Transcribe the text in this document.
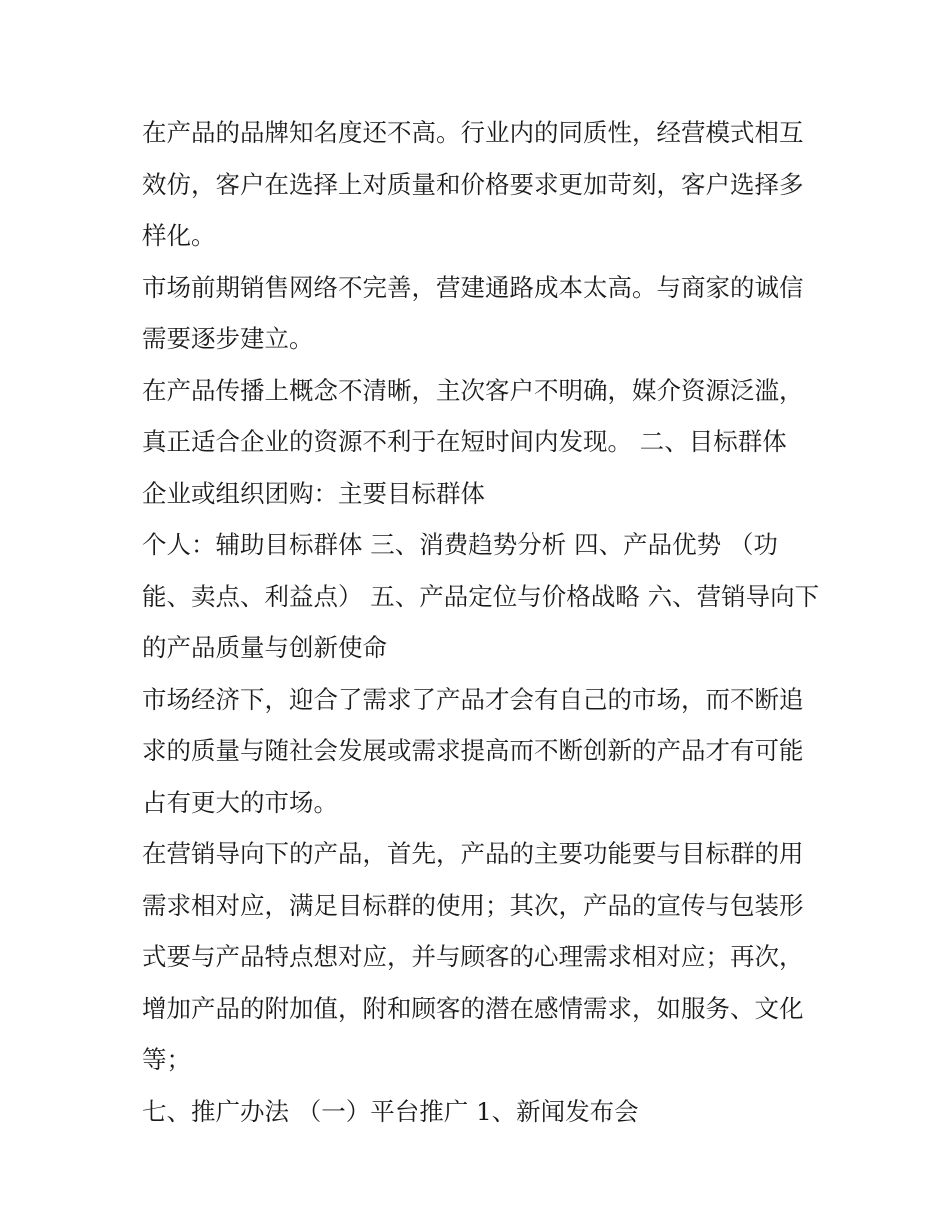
在产品的品牌知名度还不高。行业内的同质性，经营模式相互效仿，客户在选择上对质量和价格要求更加苛刻，客户选择多样化。

市场前期销售网络不完善，营建通路成本太高。与商家的诚信需要逐步建立。

在产品传播上概念不清晰，主次客户不明确，媒介资源泛滥，真正适合企业的资源不利于在短时间内发现。 二、目标群体

企业或组织团购：主要目标群体

个人：辅助目标群体 三、消费趋势分析 四、产品优势 （功能、卖点、利益点） 五、产品定位与价格战略 六、营销导向下的产品质量与创新使命

市场经济下，迎合了需求了产品才会有自己的市场，而不断追求的质量与随社会发展或需求提高而不断创新的产品才有可能占有更大的市场。

在营销导向下的产品，首先，产品的主要功能要与目标群的用需求相对应，满足目标群的使用；其次，产品的宣传与包装形式要与产品特点想对应，并与顾客的心理需求相对应；再次，增加产品的附加值，附和顾客的潜在感情需求，如服务、文化等；

七、推广办法 （一）平台推广 1、新闻发布会
